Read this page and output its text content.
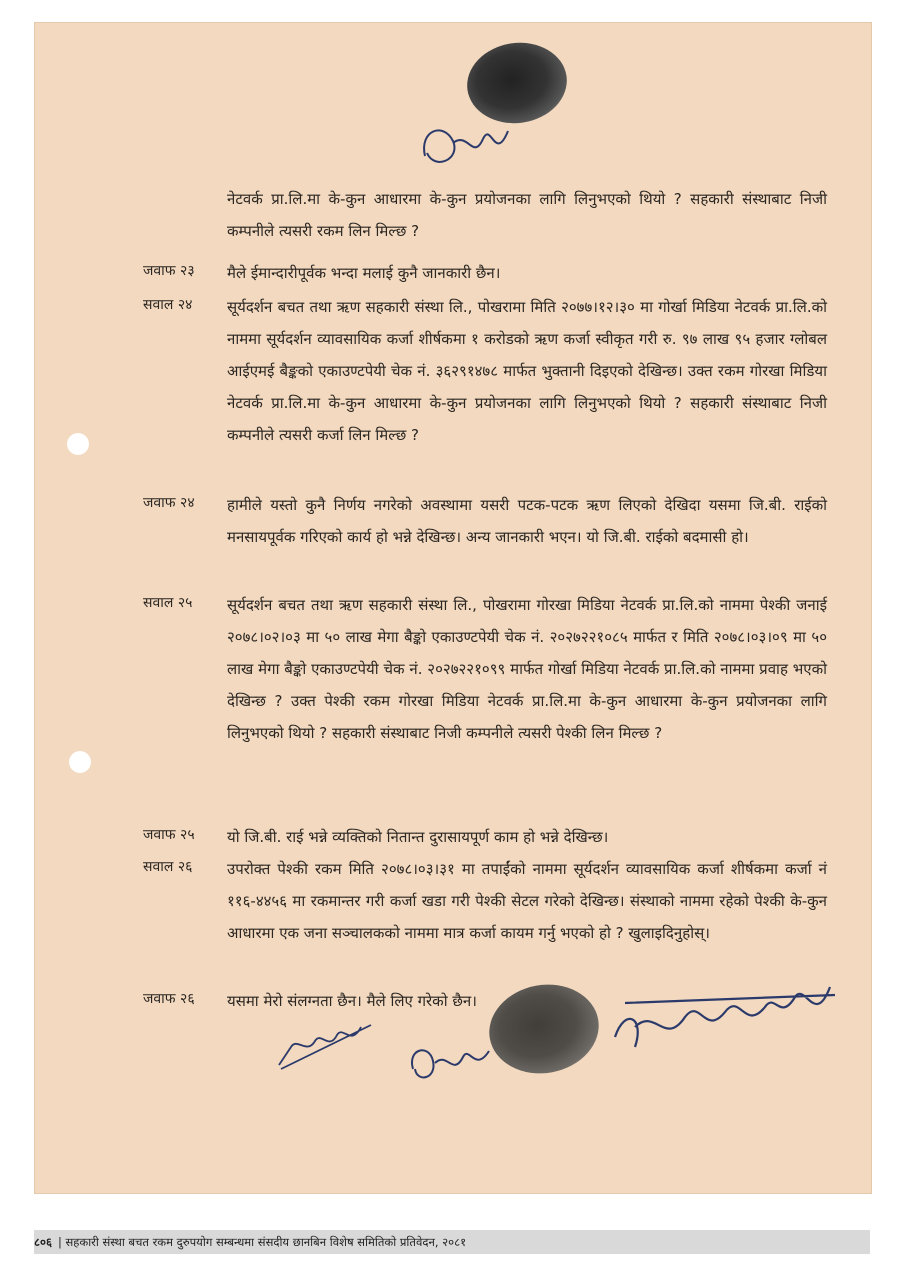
नेटवर्क प्रा.लि.मा के-कुन आधारमा के-कुन प्रयोजनका लागि लिनुभएको थियो ? सहकारी संस्थाबाट निजी कम्पनीले त्यसरी रकम लिन मिल्छ ?
जवाफ २३	मैले ईमान्दारीपूर्वक भन्दा मलाई कुनै जानकारी छैन।
सवाल २४	सूर्यदर्शन बचत तथा ऋण सहकारी संस्था लि., पोखरामा मिति २०७७।१२।३० मा गोर्खा मिडिया नेटवर्क प्रा.लि.को नाममा सूर्यदर्शन व्यावसायिक कर्जा शीर्षकमा १ करोडको ऋण कर्जा स्वीकृत गरी रु. ९७ लाख ९५ हजार ग्लोबल आईएमई बैङ्कको एकाउण्टपेयी चेक नं. ३६२९१४७८ मार्फत भुक्तानी दिइएको देखिन्छ। उक्त रकम गोरखा मिडिया नेटवर्क प्रा.लि.मा के-कुन आधारमा के-कुन प्रयोजनका लागि लिनुभएको थियो ? सहकारी संस्थाबाट निजी कम्पनीले त्यसरी कर्जा लिन मिल्छ ?
जवाफ २४	हामीले यस्तो कुनै निर्णय नगरेको अवस्थामा यसरी पटक-पटक ऋण लिएको देखिदा यसमा जि.बी. राईको मनसायपूर्वक गरिएको कार्य हो भन्ने देखिन्छ। अन्य जानकारी भएन। यो जि.बी. राईको बदमासी हो।
सवाल २५	सूर्यदर्शन बचत तथा ऋण सहकारी संस्था लि., पोखरामा गोरखा मिडिया नेटवर्क प्रा.लि.को नाममा पेश्की जनाई २०७८।०२।०३ मा ५० लाख मेगा बैङ्को एकाउण्टपेयी चेक नं. २०२७२२१०८५ मार्फत र मिति २०७८।०३।०९ मा ५० लाख मेगा बैङ्को एकाउण्टपेयी चेक नं. २०२७२२१०९९ मार्फत गोर्खा मिडिया नेटवर्क प्रा.लि.को नाममा प्रवाह भएको देखिन्छ ? उक्त पेश्की रकम गोरखा मिडिया नेटवर्क प्रा.लि.मा के-कुन आधारमा के-कुन प्रयोजनका लागि लिनुभएको थियो ? सहकारी संस्थाबाट निजी कम्पनीले त्यसरी पेश्की लिन मिल्छ ?
जवाफ २५	यो जि.बी. राई भन्ने व्यक्तिको नितान्त दुरासायपूर्ण काम हो भन्ने देखिन्छ।
सवाल २६	उपरोक्त पेश्की रकम मिति २०७८।०३।३१ मा तपाईंको नाममा सूर्यदर्शन व्यावसायिक कर्जा शीर्षकमा कर्जा नं ११६-४४५६ मा रकमान्तर गरी कर्जा खडा गरी पेश्की सेटल गरेको देखिन्छ। संस्थाको नाममा रहेको पेश्की के-कुन आधारमा एक जना सञ्चालकको नाममा मात्र कर्जा कायम गर्नु भएको हो ? खुलाइदिनुहोस्।
जवाफ २६	यसमा मेरो संलग्नता छैन। मैले लिए गरेको छैन।
८०६ | सहकारी संस्था बचत रकम दुरुपयोग सम्बन्धमा संसदीय छानबिन विशेष समितिको प्रतिवेदन, २०८१
